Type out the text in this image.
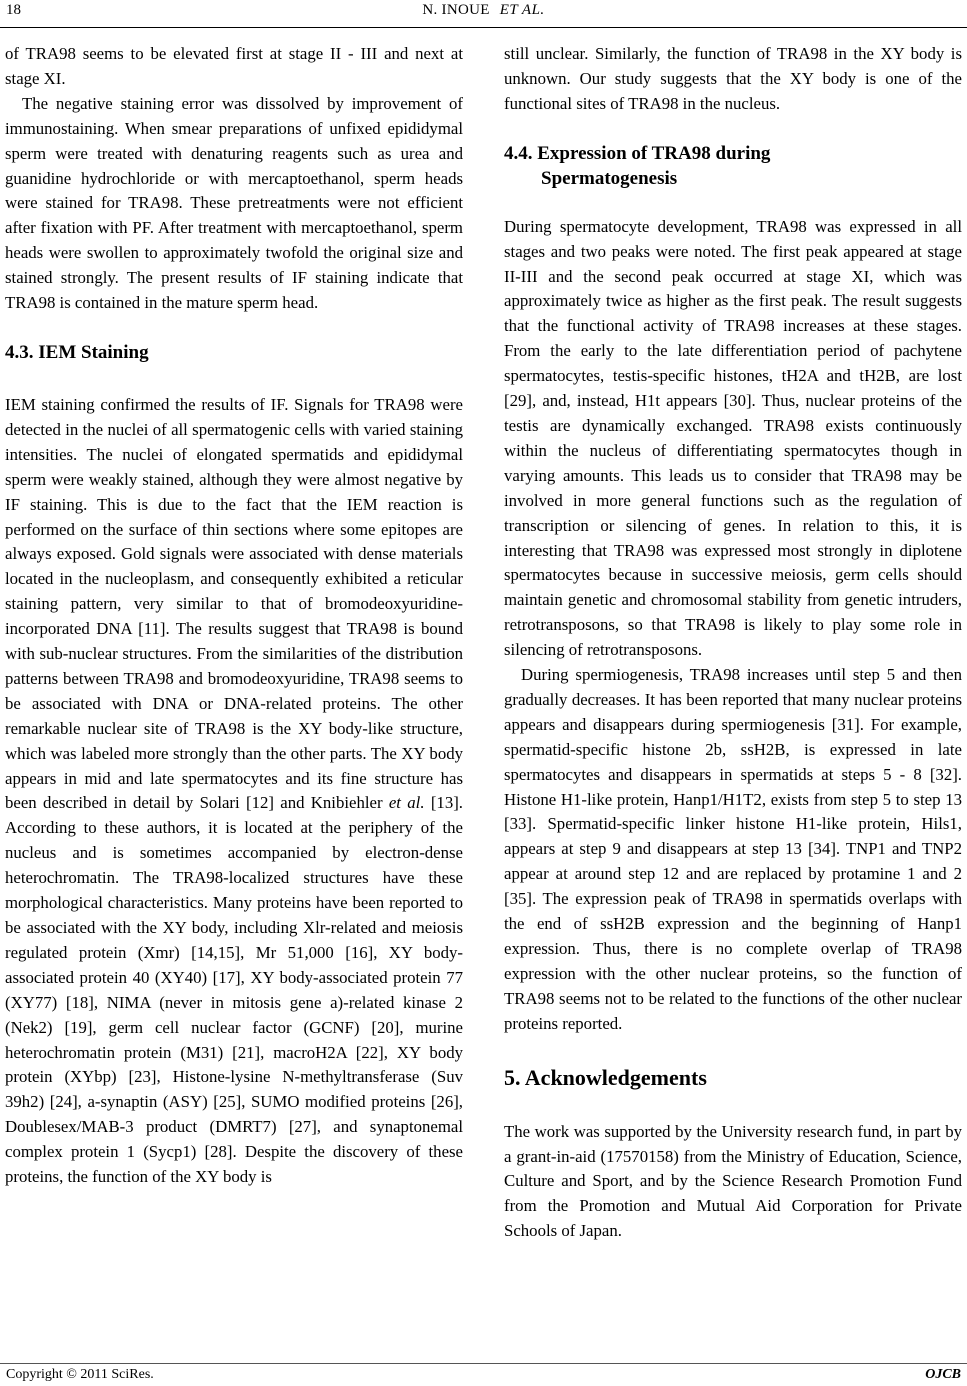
18	N. INOUE ET AL.

of TRA98 seems to be elevated first at stage II - III and next at stage XI.

The negative staining error was dissolved by improvement of immunostaining. When smear preparations of unfixed epididymal sperm were treated with denaturing reagents such as urea and guanidine hydrochloride or with mercaptoethanol, sperm heads were stained for TRA98. These pretreatments were not efficient after fixation with PF. After treatment with mercaptoethanol, sperm heads were swollen to approximately twofold the original size and stained strongly. The present results of IF staining indicate that TRA98 is contained in the mature sperm head.

4.3. IEM Staining

IEM staining confirmed the results of IF. Signals for TRA98 were detected in the nuclei of all spermatogenic cells with varied staining intensities. The nuclei of elongated spermatids and epididymal sperm were weakly stained, although they were almost negative by IF staining. This is due to the fact that the IEM reaction is performed on the surface of thin sections where some epitopes are always exposed. Gold signals were associated with dense materials located in the nucleoplasm, and consequently exhibited a reticular staining pattern, very similar to that of bromodeoxyuridine-incorporated DNA [11]. The results suggest that TRA98 is bound with sub-nuclear structures. From the similarities of the distribution patterns between TRA98 and bromodeoxyuridine, TRA98 seems to be associated with DNA or DNA-related proteins. The other remarkable nuclear site of TRA98 is the XY body-like structure, which was labeled more strongly than the other parts. The XY body appears in mid and late spermatocytes and its fine structure has been described in detail by Solari [12] and Knibiehler et al. [13]. According to these authors, it is located at the periphery of the nucleus and is sometimes accompanied by electron-dense heterochromatin. The TRA98-localized structures have these morphological characteristics. Many proteins have been reported to be associated with the XY body, including Xlr-related and meiosis regulated protein (Xmr) [14,15], Mr 51,000 [16], XY body-associated protein 40 (XY40) [17], XY body-associated protein 77 (XY77) [18], NIMA (never in mitosis gene a)-related kinase 2 (Nek2) [19], germ cell nuclear factor (GCNF) [20], murine heterochromatin protein (M31) [21], macroH2A [22], XY body protein (XYbp) [23], Histone-lysine N-methyltransferase (Suv 39h2) [24], a-synaptin (ASY) [25], SUMO modified proteins [26], Doublesex/MAB-3 product (DMRT7) [27], and synaptonemal complex protein 1 (Sycp1) [28]. Despite the discovery of these proteins, the function of the XY body is

still unclear. Similarly, the function of TRA98 in the XY body is unknown. Our study suggests that the XY body is one of the functional sites of TRA98 in the nucleus.

4.4. Expression of TRA98 during
Spermatogenesis

During spermatocyte development, TRA98 was expressed in all stages and two peaks were noted. The first peak appeared at stage II-III and the second peak occurred at stage XI, which was approximately twice as higher as the first peak. The result suggests that the functional activity of TRA98 increases at these stages. From the early to the late differentiation period of pachytene spermatocytes, testis-specific histones, tH2A and tH2B, are lost [29], and, instead, H1t appears [30]. Thus, nuclear proteins of the testis are dynamically exchanged. TRA98 exists continuously within the nucleus of differentiating spermatocytes though in varying amounts. This leads us to consider that TRA98 may be involved in more general functions such as the regulation of transcription or silencing of genes. In relation to this, it is interesting that TRA98 was expressed most strongly in diplotene spermatocytes because in successive meiosis, germ cells should maintain genetic and chromosomal stability from genetic intruders, retrotransposons, so that TRA98 is likely to play some role in silencing of retrotransposons.

During spermiogenesis, TRA98 increases until step 5 and then gradually decreases. It has been reported that many nuclear proteins appears and disappears during spermiogenesis [31]. For example, spermatid-specific histone 2b, ssH2B, is expressed in late spermatocytes and disappears in spermatids at steps 5 - 8 [32]. Histone H1-like protein, Hanp1/H1T2, exists from step 5 to step 13 [33]. Spermatid-specific linker histone H1-like protein, Hils1, appears at step 9 and disappears at step 13 [34]. TNP1 and TNP2 appear at around step 12 and are replaced by protamine 1 and 2 [35]. The expression peak of TRA98 in spermatids overlaps with the end of ssH2B expression and the beginning of Hanp1 expression. Thus, there is no complete overlap of TRA98 expression with the other nuclear proteins, so the function of TRA98 seems not to be related to the functions of the other nuclear proteins reported.

5. Acknowledgements

The work was supported by the University research fund, in part by a grant-in-aid (17570158) from the Ministry of Education, Science, Culture and Sport, and by the Science Research Promotion Fund from the Promotion and Mutual Aid Corporation for Private Schools of Japan.

Copyright © 2011 SciRes.	OJCB
